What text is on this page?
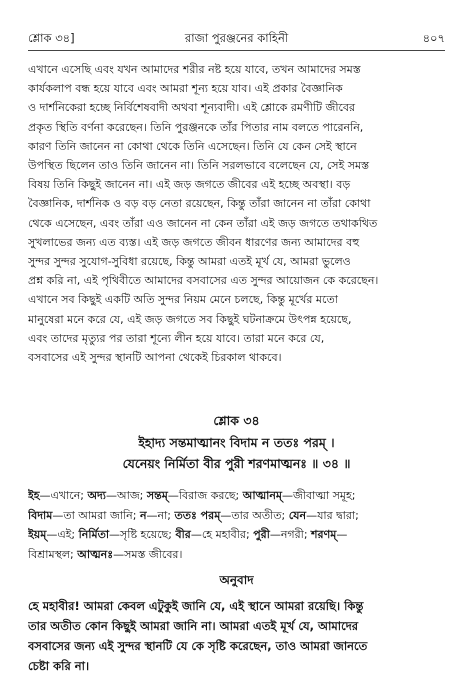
শ্লোক ৩৪]	রাজা পুরঞ্জনের কাহিনী	৪০৭

এখানে এসেছি এবং যখন আমাদের শরীর নষ্ট হয়ে যাবে, তখন আমাদের সমস্ত

কার্যকলাপ বন্ধ হয়ে যাবে এবং আমরা শূন্য হয়ে যাব। এই প্রকার বৈজ্ঞানিক

ও দার্শনিকেরা হচ্ছে নির্বিশেষবাদী অথবা শূন্যবাদী। এই শ্লোকে রমণীটি জীবের

প্রকৃত স্থিতি বর্ণনা করেছেন। তিনি পুরঞ্জনকে তাঁর পিতার নাম বলতে পারেননি,

কারণ তিনি জানেন না কোথা থেকে তিনি এসেছেন। তিনি যে কেন সেই স্থানে

উপস্থিত ছিলেন তাও তিনি জানেন না। তিনি সরলভাবে বলেছেন যে, সেই সমস্ত

বিষয় তিনি কিছুই জানেন না। এই জড় জগতে জীবের এই হচ্ছে অবস্থা। বড়

বৈজ্ঞানিক, দার্শনিক ও বড় বড় নেতা রয়েছেন, কিন্তু তাঁরা জানেন না তাঁরা কোথা

থেকে এসেছেন, এবং তাঁরা এও জানেন না কেন তাঁরা এই জড় জগতে তথাকথিত

সুখলাভের জন্য এত ব্যস্ত। এই জড় জগতে জীবন ধারণের জন্য আমাদের বহু

সুন্দর সুন্দর সুযোগ-সুবিধা রয়েছে, কিন্তু আমরা এতই মূর্খ যে, আমরা ভুলেও

প্রশ্ন করি না, এই পৃথিবীতে আমাদের বসবাসের এত সুন্দর আয়োজন কে করেছেন।

এখানে সব কিছুই একটি অতি সুন্দর নিয়ম মেনে চলছে, কিন্তু মূর্খের মতো

মানুষেরা মনে করে যে, এই জড় জগতে সব কিছুই ঘটনাক্রমে উৎপন্ন হয়েছে,

এবং তাদের মৃত্যুর পর তারা শূন্যে লীন হয়ে যাবে। তারা মনে করে যে,

বসবাসের এই সুন্দর স্থানটি আপনা থেকেই চিরকাল থাকবে।

শ্লোক ৩৪
ইহাদ্য সন্তমাত্মানং বিদাম ন ততঃ পরম্ ।
যেনেয়ং নির্মিতা বীর পুরী শরণমাত্মনঃ ॥ ৩৪ ॥

ইহ—এখানে; অদ্য—আজ; সন্তম্—বিরাজ করছে; আত্মানম্—জীবাত্মা সমূহ;

বিদাম—তা আমরা জানি; ন—না; ততঃ পরম্—তার অতীত; যেন—যার দ্বারা;

ইয়ম্—এই; নির্মিতা—সৃষ্টি হয়েছে; বীর—হে মহাবীর; পুরী—নগরী; শরণম্—

বিশ্রামস্থল; আত্মনঃ—সমস্ত জীবের।

অনুবাদ

হে মহাবীর! আমরা কেবল এটুকুই জানি যে, এই স্থানে আমরা রয়েছি। কিন্তু

তার অতীত কোন কিছুই আমরা জানি না। আমরা এতই মূর্খ যে, আমাদের

বসবাসের জন্য এই সুন্দর স্থানটি যে কে সৃষ্টি করেছেন, তাও আমরা জানতে

চেষ্টা করি না।
